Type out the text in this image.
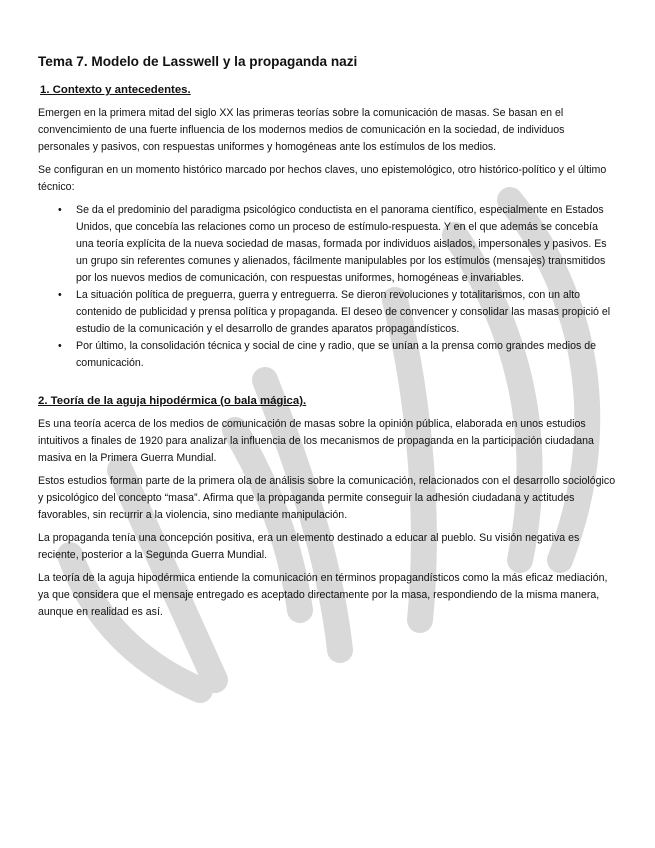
Tema 7. Modelo de Lasswell y la propaganda nazi
1. Contexto y antecedentes.

Emergen en la primera mitad del siglo XX las primeras teorías sobre la comunicación de masas. Se basan en el convencimiento de una fuerte influencia de los modernos medios de comunicación en la sociedad, de individuos personales y pasivos, con respuestas uniformes y homogéneas ante los estímulos de los medios.

Se configuran en un momento histórico marcado por hechos claves, uno epistemológico, otro histórico-político y el último técnico:

• Se da el predominio del paradigma psicológico conductista en el panorama científico, especialmente en Estados Unidos, que concebía las relaciones como un proceso de estímulo-respuesta. Y en el que además se concebía una teoría explícita de la nueva sociedad de masas, formada por individuos aislados, impersonales y pasivos. Es un grupo sin referentes comunes y alienados, fácilmente manipulables por los estímulos (mensajes) transmitidos por los nuevos medios de comunicación, con respuestas uniformes, homogéneas e invariables.
• La situación política de preguerra, guerra y entreguerra. Se dieron revoluciones y totalitarismos, con un alto contenido de publicidad y prensa política y propaganda. El deseo de convencer y consolidar las masas propició el estudio de la comunicación y el desarrollo de grandes aparatos propagandísticos.
• Por último, la consolidación técnica y social de cine y radio, que se unían a la prensa como grandes medios de comunicación.
2. Teoría de la aguja hipodérmica (o bala mágica).

Es una teoría acerca de los medios de comunicación de masas sobre la opinión pública, elaborada en unos estudios intuitivos a finales de 1920 para analizar la influencia de los mecanismos de propaganda en la participación ciudadana masiva en la Primera Guerra Mundial.

Estos estudios forman parte de la primera ola de análisis sobre la comunicación, relacionados con el desarrollo sociológico y psicológico del concepto “masa”. Afirma que la propaganda permite conseguir la adhesión ciudadana y actitudes favorables, sin recurrir a la violencia, sino mediante manipulación.

La propaganda tenía una concepción positiva, era un elemento destinado a educar al pueblo. Su visión negativa es reciente, posterior a la Segunda Guerra Mundial.

La teoría de la aguja hipodérmica entiende la comunicación en términos propagandísticos como la más eficaz mediación, ya que considera que el mensaje entregado es aceptado directamente por la masa, respondiendo de la misma manera, aunque en realidad es así.
